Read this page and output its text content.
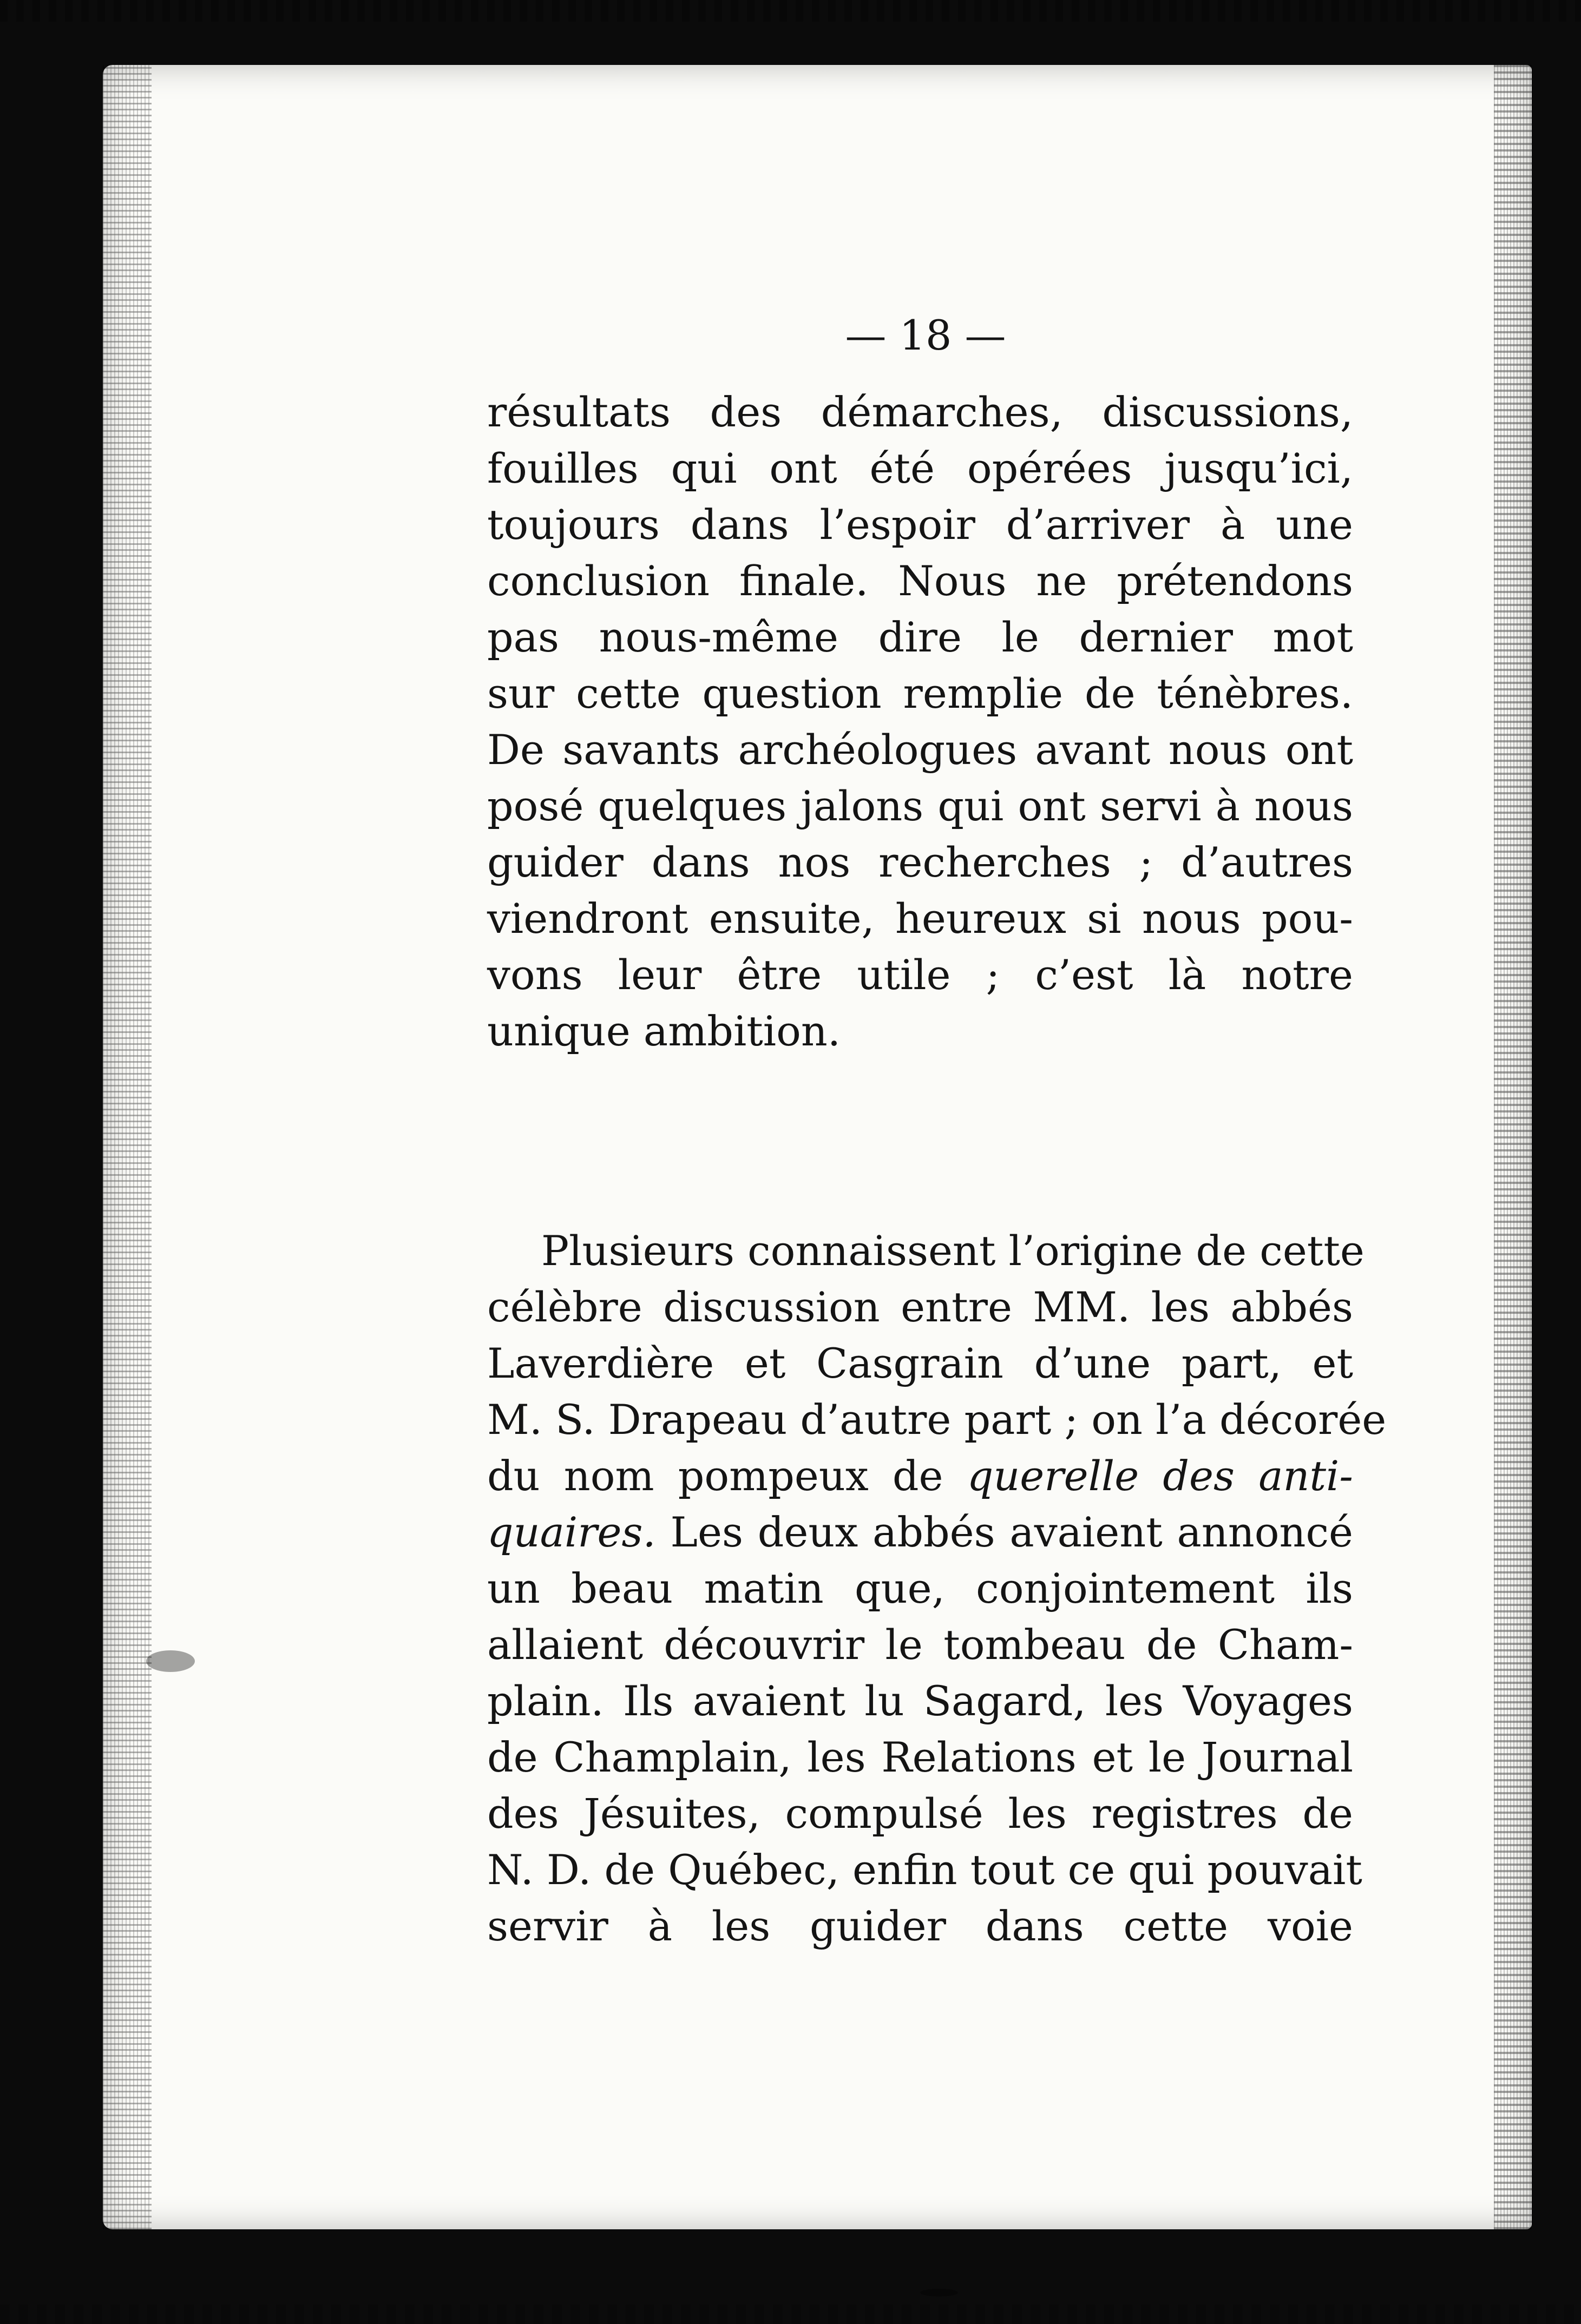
— 18 —
résultats des démarches, discussions,
fouilles qui ont été opérées jusqu’ici,
toujours dans l’espoir d’arriver à une
conclusion finale. Nous ne prétendons
pas nous-même dire le dernier mot
sur cette question remplie de ténèbres.
De savants archéologues avant nous ont
posé quelques jalons qui ont servi à nous
guider dans nos recherches ; d’autres
viendront ensuite, heureux si nous pou-
vons leur être utile ; c’est là notre
unique ambition.
Plusieurs connaissent l’origine de cette
célèbre discussion entre MM. les abbés
Laverdière et Casgrain d’une part, et
M. S. Drapeau d’autre part ; on l’a décorée
du nom pompeux de querelle des anti-
quaires. Les deux abbés avaient annoncé
un beau matin que, conjointement ils
allaient découvrir le tombeau de Cham-
plain. Ils avaient lu Sagard, les Voyages
de Champlain, les Relations et le Journal
des Jésuites, compulsé les registres de
N. D. de Québec, enfin tout ce qui pouvait
servir à les guider dans cette voie
